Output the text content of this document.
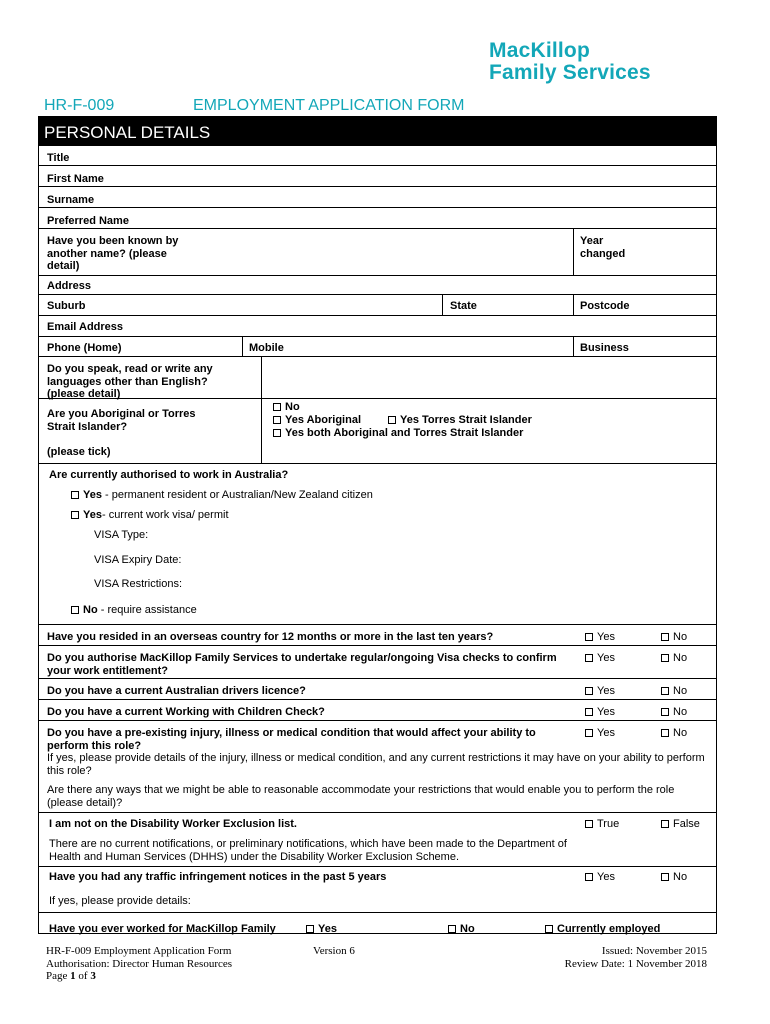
MacKillop
Family Services
HR-F-009	EMPLOYMENT APPLICATION FORM
PERSONAL DETAILS
Title
First Name
Surname
Preferred Name
Have you been known by another name? (please detail)
Year changed
Address
Suburb	State	Postcode
Email Address
Phone (Home)	Mobile	Business
Do you speak, read or write any languages other than English? (please detail)
Are you Aboriginal or Torres Strait Islander?
(please tick)
No
Yes Aboriginal	Yes Torres Strait Islander
Yes both Aboriginal and Torres Strait Islander
Are currently authorised to work in Australia?
Yes - permanent resident or Australian/New Zealand citizen
Yes- current work visa/ permit
VISA Type:
VISA Expiry Date:
VISA Restrictions:
No - require assistance
Have you resided in an overseas country for 12 months or more in the last ten years?	Yes	No
Do you authorise MacKillop Family Services to undertake regular/ongoing Visa checks to confirm your work entitlement?
Yes	No
Do you have a current Australian drivers licence?	Yes	No
Do you have a current Working with Children Check?	Yes	No
Do you have a pre-existing injury, illness or medical condition that would affect your ability to perform this role?
Yes	No
If yes, please provide details of the injury, illness or medical condition, and any current restrictions it may have on your ability to perform this role?
Are there any ways that we might be able to reasonable accommodate your restrictions that would enable you to perform the role (please detail)?
I am not on the Disability Worker Exclusion list.	True	False
There are no current notifications, or preliminary notifications, which have been made to the Department of Health and Human Services (DHHS) under the Disability Worker Exclusion Scheme.
Have you had any traffic infringement notices in the past 5 years	Yes	No
If yes, please provide details:
Have you ever worked for MacKillop Family	Yes	No	Currently employed
HR-F-009 Employment Application Form
Authorisation: Director Human Resources
Page 1 of 3
Version 6	Issued: November 2015
Review Date: 1 November 2018
